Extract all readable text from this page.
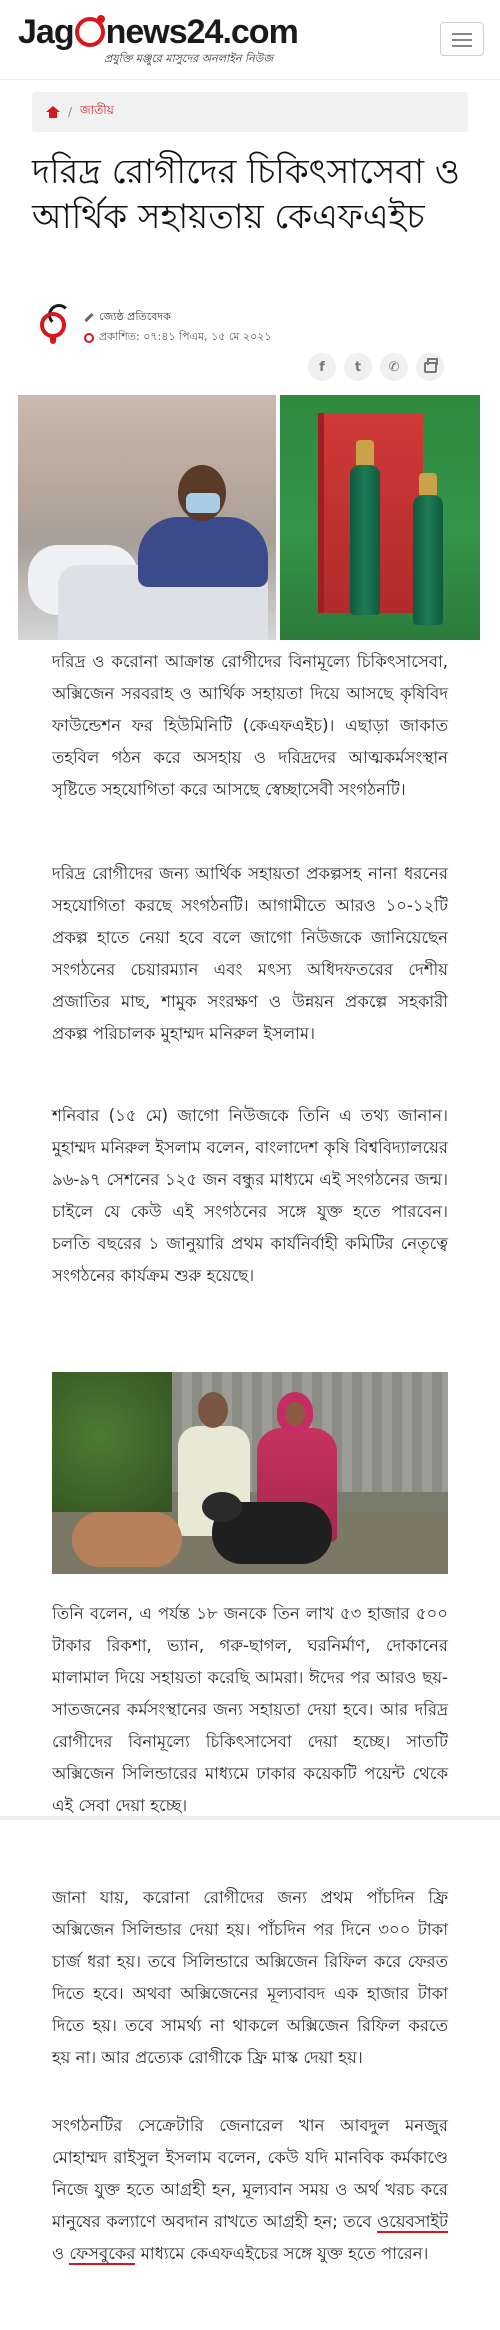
Jag news24.com
প্রযুক্তি মঞ্জুরে মাসুদের অনলাইন নিউজ
/ জাতীয়
দরিদ্র রোগীদের চিকিৎসাসেবা ও আর্থিক সহায়তায় কেএফএইচ
জ্যেষ্ঠ প্রতিবেদক
প্রকাশিত: ০৭:৪১ পিএম, ১৫ মে ২০২১
f	t	✆

দরিদ্র ও করোনা আক্রান্ত রোগীদের বিনামূল্যে চিকিৎসাসেবা, অক্সিজেন সরবরাহ ও আর্থিক সহায়তা দিয়ে আসছে কৃষিবিদ ফাউন্ডেশন ফর হিউমিনিটি (কেএফএইচ)। এছাড়া জাকাত তহবিল গঠন করে অসহায় ও দরিদ্রদের আত্মকর্মসংস্থান সৃষ্টিতে সহযোগিতা করে আসছে স্বেচ্ছাসেবী সংগঠনটি।

দরিদ্র রোগীদের জন্য আর্থিক সহায়তা প্রকল্পসহ নানা ধরনের সহযোগিতা করছে সংগঠনটি। আগামীতে আরও ১০-১২টি প্রকল্প হাতে নেয়া হবে বলে জাগো নিউজকে জানিয়েছেন সংগঠনের চেয়ারম্যান এবং মৎস্য অধিদফতরের দেশীয় প্রজাতির মাছ, শামুক সংরক্ষণ ও উন্নয়ন প্রকল্পে সহকারী প্রকল্প পরিচালক মুহাম্মদ মনিরুল ইসলাম।

শনিবার (১৫ মে) জাগো নিউজকে তিনি এ তথ্য জানান। মুহাম্মদ মনিরুল ইসলাম বলেন, বাংলাদেশ কৃষি বিশ্ববিদ্যালয়ের ৯৬-৯৭ সেশনের ১২৫ জন বন্ধুর মাধ্যমে এই সংগঠনের জন্ম। চাইলে যে কেউ এই সংগঠনের সঙ্গে যুক্ত হতে পারবেন। চলতি বছরের ১ জানুয়ারি প্রথম কার্যনির্বাহী কমিটির নেতৃত্বে সংগঠনের কার্যক্রম শুরু হয়েছে।

তিনি বলেন, এ পর্যন্ত ১৮ জনকে তিন লাখ ৫৩ হাজার ৫০০ টাকার রিকশা, ভ্যান, গরু-ছাগল, ঘরনির্মাণ, দোকানের মালামাল দিয়ে সহায়তা করেছি আমরা। ঈদের পর আরও ছয়-সাতজনের কর্মসংস্থানের জন্য সহায়তা দেয়া হবে। আর দরিদ্র রোগীদের বিনামূল্যে চিকিৎসাসেবা দেয়া হচ্ছে। সাতটি অক্সিজেন সিলিন্ডারের মাধ্যমে ঢাকার কয়েকটি পয়েন্ট থেকে এই সেবা দেয়া হচ্ছে।

জানা যায়, করোনা রোগীদের জন্য প্রথম পাঁচদিন ফ্রি অক্সিজেন সিলিন্ডার দেয়া হয়। পাঁচদিন পর দিনে ৩০০ টাকা চার্জ ধরা হয়। তবে সিলিন্ডারে অক্সিজেন রিফিল করে ফেরত দিতে হবে। অথবা অক্সিজেনের মূল্যবাবদ এক হাজার টাকা দিতে হয়। তবে সামর্থ্য না থাকলে অক্সিজেন রিফিল করতে হয় না। আর প্রত্যেক রোগীকে ফ্রি মাস্ক দেয়া হয়।

সংগঠনটির সেক্রেটারি জেনারেল খান আবদুল মনজুর মোহাম্মদ রাইসুল ইসলাম বলেন, কেউ যদি মানবিক কর্মকাণ্ডে নিজে যুক্ত হতে আগ্রহী হন, মূল্যবান সময় ও অর্থ খরচ করে মানুষের কল্যাণে অবদান রাখতে আগ্রহী হন; তবে ওয়েবসাইট ও ফেসবুকের মাধ্যমে কেএফএইচের সঙ্গে যুক্ত হতে পারেন।
